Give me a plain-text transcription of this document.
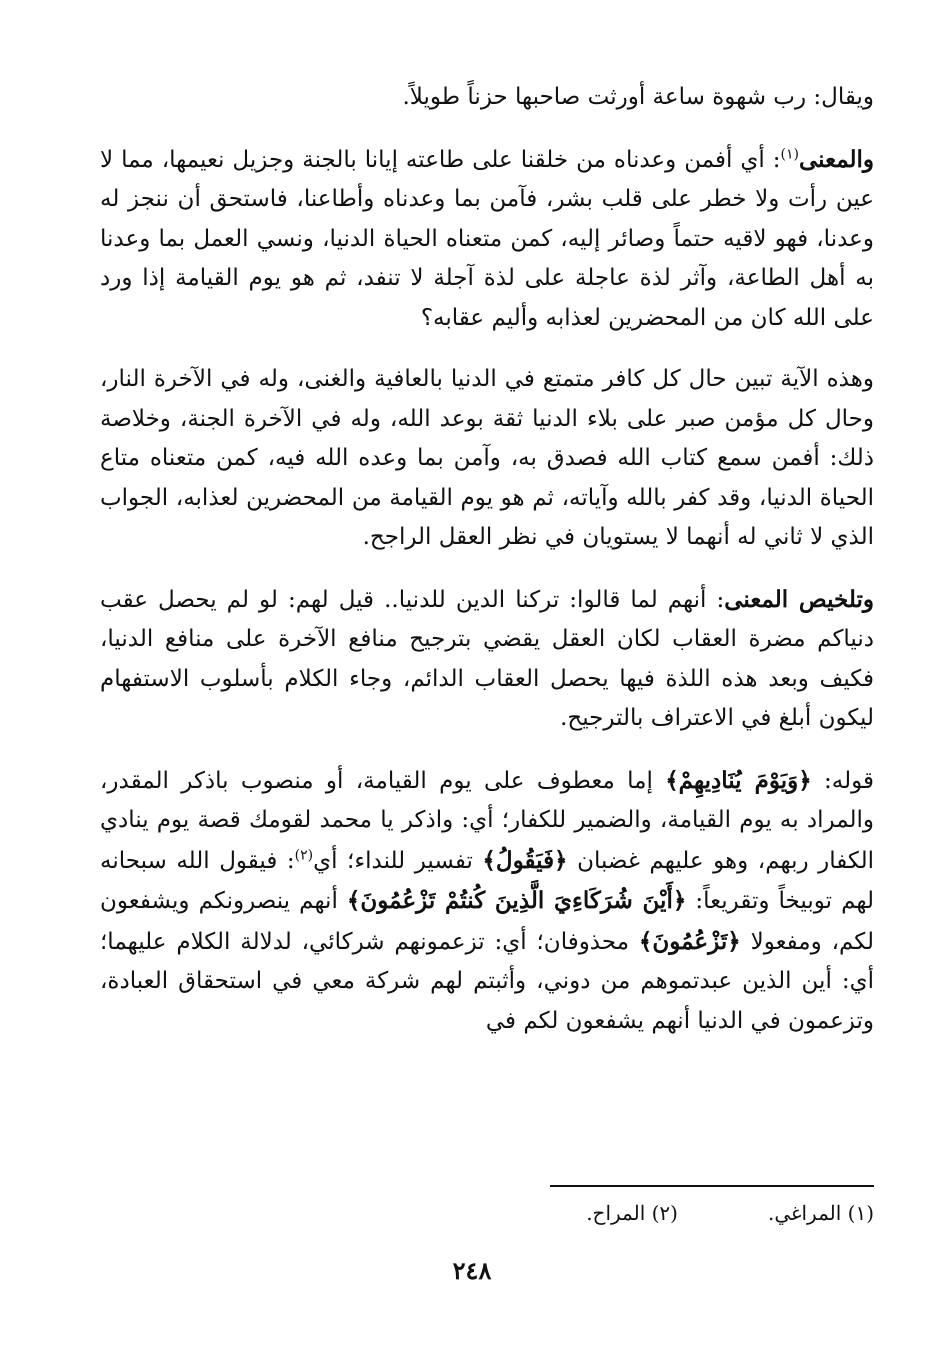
ويقال: رب شهوة ساعة أورثت صاحبها حزناً طويلاً.

والمعنى$^{(١)}$: أي أفمن وعدناه من خلقنا على طاعته إيانا بالجنة وجزيل نعيمها، مما لا عين رأت ولا خطر على قلب بشر، فآمن بما وعدناه وأطاعنا، فاستحق أن ننجز له وعدنا، فهو لاقيه حتماً وصائر إليه، كمن متعناه الحياة الدنيا، ونسي العمل بما وعدنا به أهل الطاعة، وآثر لذة عاجلة على لذة آجلة لا تنفد، ثم هو يوم القيامة إذا ورد على الله كان من المحضرين لعذابه وأليم عقابه؟

وهذه الآية تبين حال كل كافر متمتع في الدنيا بالعافية والغنى، وله في الآخرة النار، وحال كل مؤمن صبر على بلاء الدنيا ثقة بوعد الله، وله في الآخرة الجنة، وخلاصة ذلك: أفمن سمع كتاب الله فصدق به، وآمن بما وعده الله فيه، كمن متعناه متاع الحياة الدنيا، وقد كفر بالله وآياته، ثم هو يوم القيامة من المحضرين لعذابه، الجواب الذي لا ثاني له أنهما لا يستويان في نظر العقل الراجح.

وتلخيص المعنى: أنهم لما قالوا: تركنا الدين للدنيا.. قيل لهم: لو لم يحصل عقب دنياكم مضرة العقاب لكان العقل يقضي بترجيح منافع الآخرة على منافع الدنيا، فكيف وبعد هذه اللذة فيها يحصل العقاب الدائم، وجاء الكلام بأسلوب الاستفهام ليكون أبلغ في الاعتراف بالترجيح.

قوله: ﴿وَيَوْمَ يُنَادِيهِمْ﴾ إما معطوف على يوم القيامة، أو منصوب باذكر المقدر، والمراد به يوم القيامة، والضمير للكفار؛ أي: واذكر يا محمد لقومك قصة يوم ينادي الكفار ربهم، وهو عليهم غضبان ﴿فَيَقُولُ﴾ تفسير للنداء؛ أي$^{(٢)}$: فيقول الله سبحانه لهم توبيخاً وتقريعاً: ﴿أَيْنَ شُرَكَاءِيَ الَّذِينَ كُنتُمْ تَزْعُمُونَ﴾ أنهم ينصرونكم ويشفعون لكم، ومفعولا ﴿تَزْعُمُونَ﴾ محذوفان؛ أي: تزعمونهم شركائي، لدلالة الكلام عليهما؛ أي: أين الذين عبدتموهم من دوني، وأثبتم لهم شركة معي في استحقاق العبادة، وتزعمون في الدنيا أنهم يشفعون لكم في

(١) المراغي.
(٢) المراح.
٢٤٨
